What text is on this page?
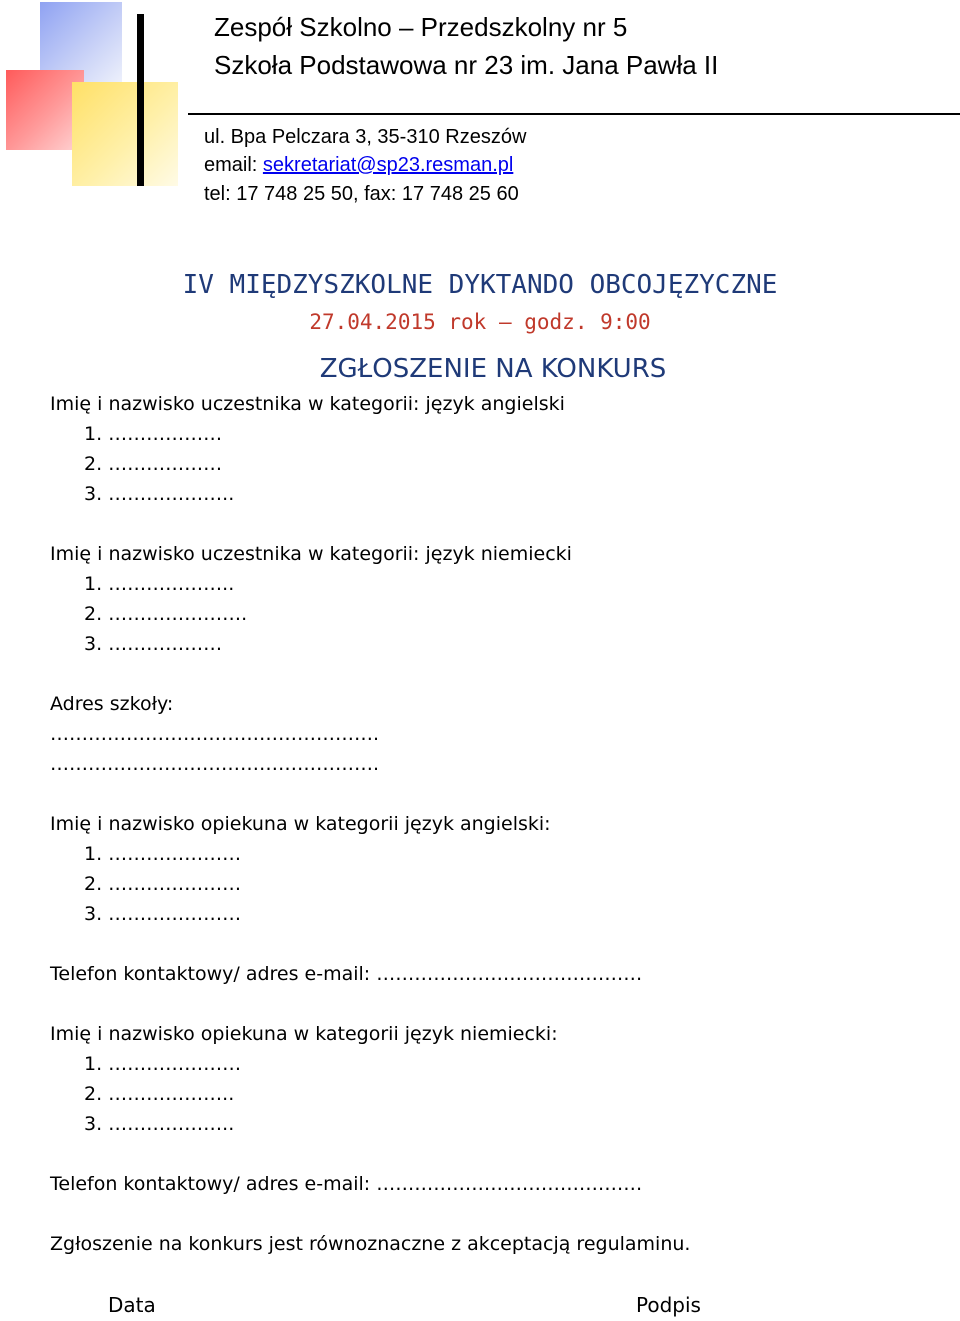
Zespół Szkolno – Przedszkolny nr 5
Szkoła Podstawowa nr 23 im. Jana Pawła II
ul. Bpa Pelczara 3, 35-310 Rzeszów
email: sekretariat@sp23.resman.pl
tel: 17 748 25 50, fax: 17 748 25 60
IV MIĘDZYSZKOLNE DYKTANDO OBCOJĘZYCZNE
27.04.2015 rok – godz. 9:00
ZGŁOSZENIE NA KONKURS
Imię i nazwisko uczestnika w kategorii: język angielski
1. ………………
2. ………………
3. ………………..
Imię i nazwisko uczestnika w kategorii: język niemiecki
1. ………………..
2. ………………….
3. ………………
Adres szkoły:
…………………………………………….
…………………………………………….
Imię i nazwisko opiekuna w kategorii język angielski:
1. …………………
2. …………………
3. …………………
Telefon kontaktowy/ adres e-mail: ……………………………………
Imię i nazwisko opiekuna w kategorii język niemiecki:
1. …………………
2. ………………..
3. ………………..
Telefon kontaktowy/ adres e-mail: ……………………………………
Zgłoszenie na konkurs jest równoznaczne z akceptacją regulaminu.
Data	Podpis
